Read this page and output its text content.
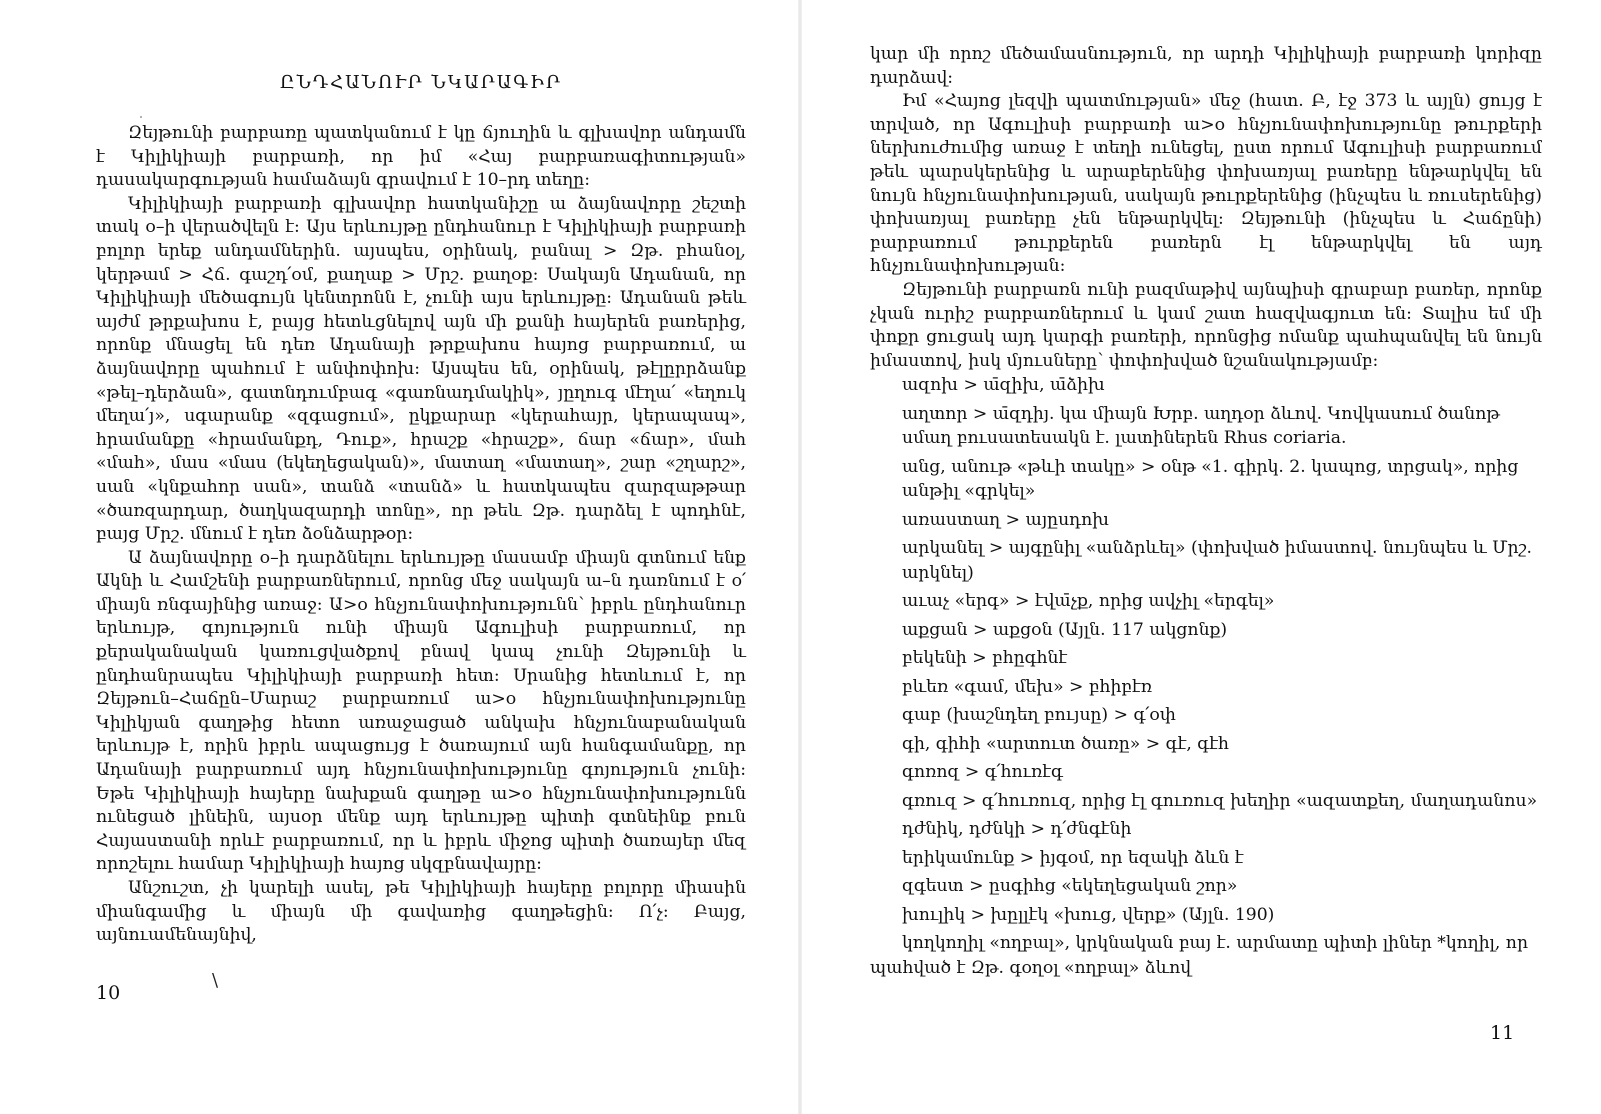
ԸՆԴՀԱՆՈՒՐ ՆԿԱՐԱԳԻՐ

Զեյթունի բարբառը պատկանում է կը ճյուղին և գլխավոր անդամն է Կիլիկիայի բարբառի, որ իմ «Հայ բարբառագիտության» դասակարգության համաձայն գրավում է 10–րդ տեղը:

Կիլիկիայի բարբառի գլխավոր հատկանիշը ա ձայնավորը շեշտի տակ օ–ի վերածվելն է: Այս երևույթը ընդհանուր է Կիլիկիայի բարբառի բոլոր երեք անդամներին. այսպես, օրինակ, բանալ > Զթ. բհանօլ, կերթամ > Հճ. գաշդ՛օմ, քաղաք > Մրշ. քաղօք: Սակայն Ադանան, որ Կիլիկիայի մեծագույն կենտրոնն է, չունի այս երևույթը: Ադանան թեև այժմ թրքախոս է, բայց հետևցնելով այն մի քանի հայերեն բառերից, որոնք մնացել են դեռ Ադանայի թրքախոս հայոց բարբառում, ա ձայնավորը պահում է անփոփոխ: Այսպես են, օրինակ, թէլըրրձանք «թել–դերձան», գատնդումբագ «գառնադմակիկ», յըղուգ մէղա՛ «եղուկ մեղա՛յ», սգարանք «զգացում», ըկքարար «կերահայր, կերապապ», հրամանքը «հրամանքդ, Դուք», հրաշք «հրաշք», ճար «ճար», մահ «մահ», մաս «մաս (եկեղեցական)», մատաղ «մատաղ», շար «շղարշ», սան «կնքահոր սան», տանձ «տանձ» և հատկապես զարզաթթար «ծառզարդար, ծաղկազարդի տոնը», որ թեև Զթ. դարձել է պոդհնէ, բայց Մրշ. մնում է դեռ ձօնձարթօր:

Ա ձայնավորը օ–ի դարձնելու երևույթը մասամբ միայն գտնում ենք Ակնի և Համշենի բարբառներում, որոնց մեջ սակայն ա–ն դառնում է օ՛ միայն ռնգայինից առաջ: Ա>օ հնչյունափոխությունն՝ իբրև ընդհանուր երևույթ, գոյություն ունի միայն Ագուլիսի բարբառում, որ քերականական կառուցվածքով բնավ կապ չունի Զեյթունի և ընդհանրապես Կիլիկիայի բարբառի հետ: Սրանից հետևում է, որ Զեյթուն–Հաճըն–Մարաշ բարբառում ա>օ հնչյունափոխությունը Կիլիկյան գաղթից հետո առաջացած անկախ հնչյունաբանական երևույթ է, որին իբրև ապացույց է ծառայում այն հանգամանքը, որ Ադանայի բարբառում այդ հնչյունափոխությունը գոյություն չունի: Եթե Կիլիկիայի հայերը նախքան գաղթը ա>օ հնչյունափոխությունն ունեցած լինեին, այսօր մենք այդ երևույթը պիտի գտնեինք բուն Հայաստանի որևէ բարբառում, որ և իբրև միջոց պիտի ծառայեր մեզ որոշելու համար Կիլիկիայի հայոց սկզբնավայրը:

Անշուշտ, չի կարելի ասել, թե Կիլիկիայի հայերը բոլորը միասին միանգամից և միայն մի գավառից գաղթեցին: Ո՛չ: Բայց, այնուամենայնիվ,

\
10

կար մի որոշ մեծամասնություն, որ արդի Կիլիկիայի բարբառի կորիզը դարձավ:

Իմ «Հայոց լեզվի պատմության» մեջ (հատ. Բ, էջ 373 և այլն) ցույց է տրված, որ Ագուլիսի բարբառի ա>օ հնչյունափոխությունը թուրքերի ներխուժումից առաջ է տեղի ունեցել, ըստ որում Ագուլիսի բարբառում թեև պարսկերենից և արաբերենից փոխառյալ բառերը ենթարկվել են նույն հնչյունափոխության, սակայն թուրքերենից (ինչպես և ռուսերենից) փոխառյալ բառերը չեն ենթարկվել: Զեյթունի (ինչպես և Հաճընի) բարբառում թուրքերեն բառերն էլ ենթարկվել են այդ հնչյունափոխության:

Զեյթունի բարբառն ունի բազմաթիվ այնպիսի գրաբար բառեր, որոնք չկան ուրիշ բարբառներում և կամ շատ հազվագյուտ են: Տալիս եմ մի փոքր ցուցակ այդ կարգի բառերի, որոնցից ոմանք պահպանվել են նույն իմաստով, իսկ մյուսները՝ փոփոխված նշանակությամբ:

ազոխ > ա̄զիխ, ա̄ձիխ
աղտոր > ա̄զդիյ. կա միայն Խրբ. աղդօր ձևով. Կովկասում ծանոթ սմաղ բուսատեսակն է. լատիներեն Rhus coriaria.
անց, անութ «թևի տակը» > օնթ «1. գիրկ. 2. կապոց, տրցակ», որից անթիլ «գրկել»
առաստաղ > այըսդոխ
արկանել > այգընիլ «անձրևել» (փոխված իմաստով. նույնպես և Մրշ. արկնել)
աւաչ «երգ» > էվա̄չք, որից ավչիլ «երգել»
աքցան > աքցօն (Այլն. 117 ակցոնք)
բեկենի > բհըգհնէ
բևեռ «գամ, մեխ» > բհիբէռ
գաբ (խաշնդեղ բույսը) > գ՛օփ
գի, գիհի «արտուտ ծառը» > գէ, գէհ
գոռոզ > գ՛հուռէգ
գռուզ > գ՛հուռուզ, որից էլ գուռուզ խեղիր «ազատքեղ, մաղադանոս»
դժնիկ, դժնկի > դ՛ժնգէնի
երիկամունք > իյգօմ, որ եզակի ձևն է
զգեստ > ըսգիհց «եկեղեցական շոր»
խուլիկ > խըլլէկ «խուց, վերք» (Այլն. 190)
կողկողիլ «ողբալ», կրկնական բայ է. արմատը պիտի լիներ *կողիլ, որ պահված է Զթ. գօղօլ «ողբալ» ձևով
11
